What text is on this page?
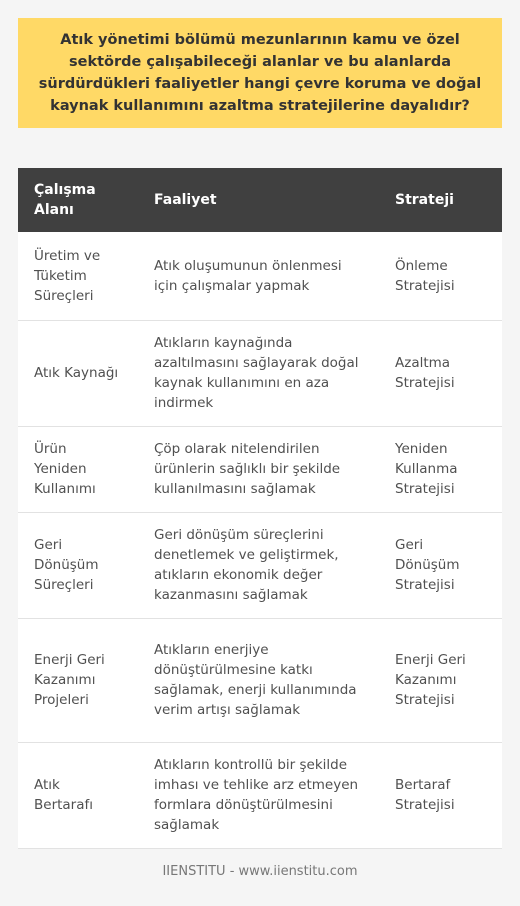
Atık yönetimi bölümü mezunlarının kamu ve özel sektörde çalışabileceği alanlar ve bu alanlarda sürdürdükleri faaliyetler hangi çevre koruma ve doğal kaynak kullanımını azaltma stratejilerine dayalıdır?
Çalışma Alanı	Faaliyet	Strateji
Üretim ve Tüketim Süreçleri	Atık oluşumunun önlenmesi için çalışmalar yapmak	Önleme Stratejisi
Atık Kaynağı	Atıkların kaynağında azaltılmasını sağlayarak doğal kaynak kullanımını en aza indirmek	Azaltma Stratejisi
Ürün Yeniden Kullanımı	Çöp olarak nitelendirilen ürünlerin sağlıklı bir şekilde kullanılmasını sağlamak	Yeniden Kullanma Stratejisi
Geri Dönüşüm Süreçleri	Geri dönüşüm süreçlerini denetlemek ve geliştirmek, atıkların ekonomik değer kazanmasını sağlamak	Geri Dönüşüm Stratejisi
Enerji Geri Kazanımı Projeleri	Atıkların enerjiye dönüştürülmesine katkı sağlamak, enerji kullanımında verim artışı sağlamak	Enerji Geri Kazanımı Stratejisi
Atık Bertarafı	Atıkların kontrollü bir şekilde imhası ve tehlike arz etmeyen formlara dönüştürülmesini sağlamak	Bertaraf Stratejisi
IIENSTITU - www.iienstitu.com
